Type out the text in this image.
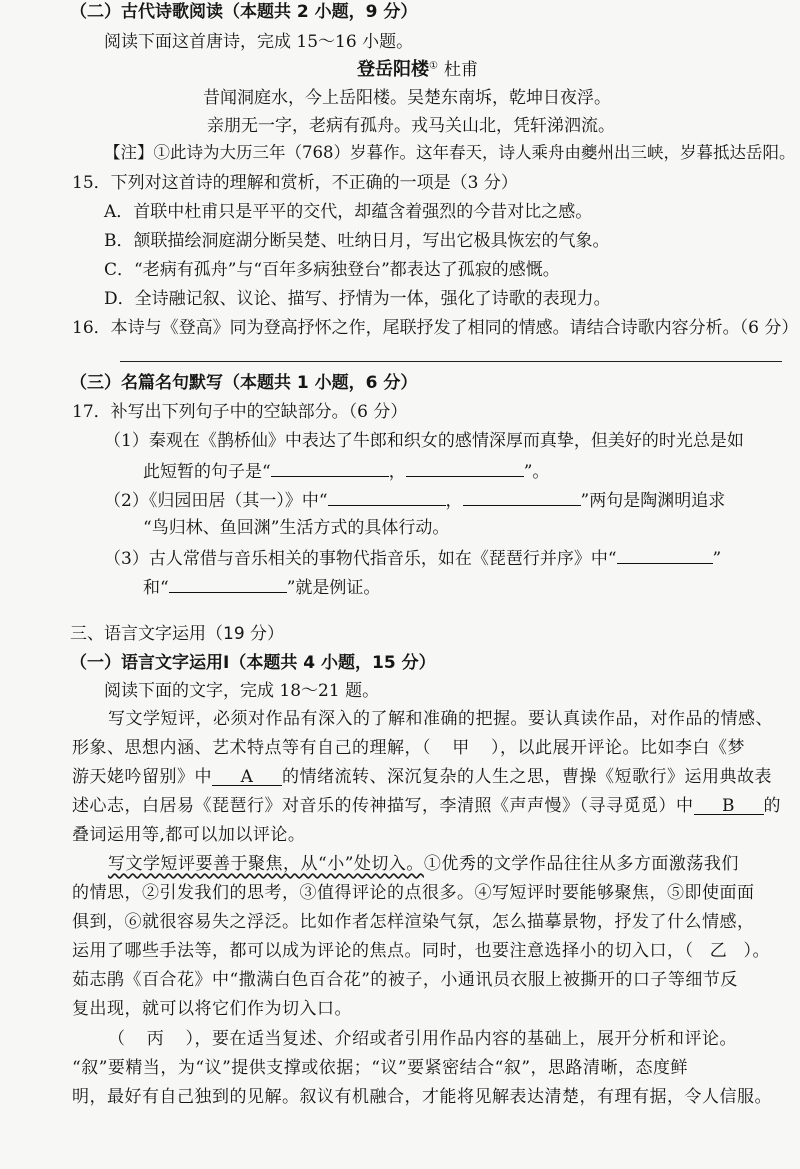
（二）古代诗歌阅读（本题共 2 小题，9 分）
阅读下面这首唐诗，完成 15～16 小题。
登岳阳楼① 杜甫
昔闻洞庭水，今上岳阳楼。吴楚东南坼，乾坤日夜浮。
亲朋无一字，老病有孤舟。戎马关山北，凭轩涕泗流。
【注】①此诗为大历三年（768）岁暮作。这年春天，诗人乘舟由夔州出三峡，岁暮抵达岳阳。
15．下列对这首诗的理解和赏析，不正确的一项是（3 分）
A．首联中杜甫只是平平的交代，却蕴含着强烈的今昔对比之感。
B．颔联描绘洞庭湖分断吴楚、吐纳日月，写出它极具恢宏的气象。
C．“老病有孤舟”与“百年多病独登台”都表达了孤寂的感慨。
D．全诗融记叙、议论、描写、抒情为一体，强化了诗歌的表现力。
16．本诗与《登高》同为登高抒怀之作，尾联抒发了相同的情感。请结合诗歌内容分析。（6 分）
（三）名篇名句默写（本题共 1 小题，6 分）
17．补写出下列句子中的空缺部分。（6 分）
（1）秦观在《鹊桥仙》中表达了牛郎和织女的感情深厚而真挚，但美好的时光总是如
此短暂的句子是“	，	”。
（2）《归园田居（其一）》中“	，	”两句是陶渊明追求
“鸟归林、鱼回渊”生活方式的具体行动。
（3）古人常借与音乐相关的事物代指音乐，如在《琵琶行并序》中“	”
和“	”就是例证。
三、语言文字运用（19 分）
（一）语言文字运用Ⅰ（本题共 4 小题，15 分）
阅读下面的文字，完成 18～21 题。
写文学短评，必须对作品有深入的了解和准确的把握。要认真读作品，对作品的情感、
形象、思想内涵、艺术特点等有自己的理解，（ 甲 ），以此展开评论。比如李白《梦
游天姥吟留别》中 A 的情绪流转、深沉复杂的人生之思，曹操《短歌行》运用典故表
述心志，白居易《琵琶行》对音乐的传神描写，李清照《声声慢》（寻寻觅觅）中 B 的
叠词运用等,都可以加以评论。
写文学短评要善于聚焦，从“小”处切入。①优秀的文学作品往往从多方面激荡我们
的情思，②引发我们的思考，③值得评论的点很多。④写短评时要能够聚焦，⑤即使面面
俱到，⑥就很容易失之浮泛。比如作者怎样渲染气氛，怎么描摹景物，抒发了什么情感，
运用了哪些手法等，都可以成为评论的焦点。同时，也要注意选择小的切入口，（ 乙 ）。
茹志鹃《百合花》中“撒满白色百合花”的被子，小通讯员衣服上被撕开的口子等细节反
复出现，就可以将它们作为切入口。
（ 丙 ），要在适当复述、介绍或者引用作品内容的基础上，展开分析和评论。
“叙”要精当，为“议”提供支撑或依据；“议”要紧密结合“叙”，思路清晰，态度鲜
明，最好有自己独到的见解。叙议有机融合，才能将见解表达清楚，有理有据，令人信服。
